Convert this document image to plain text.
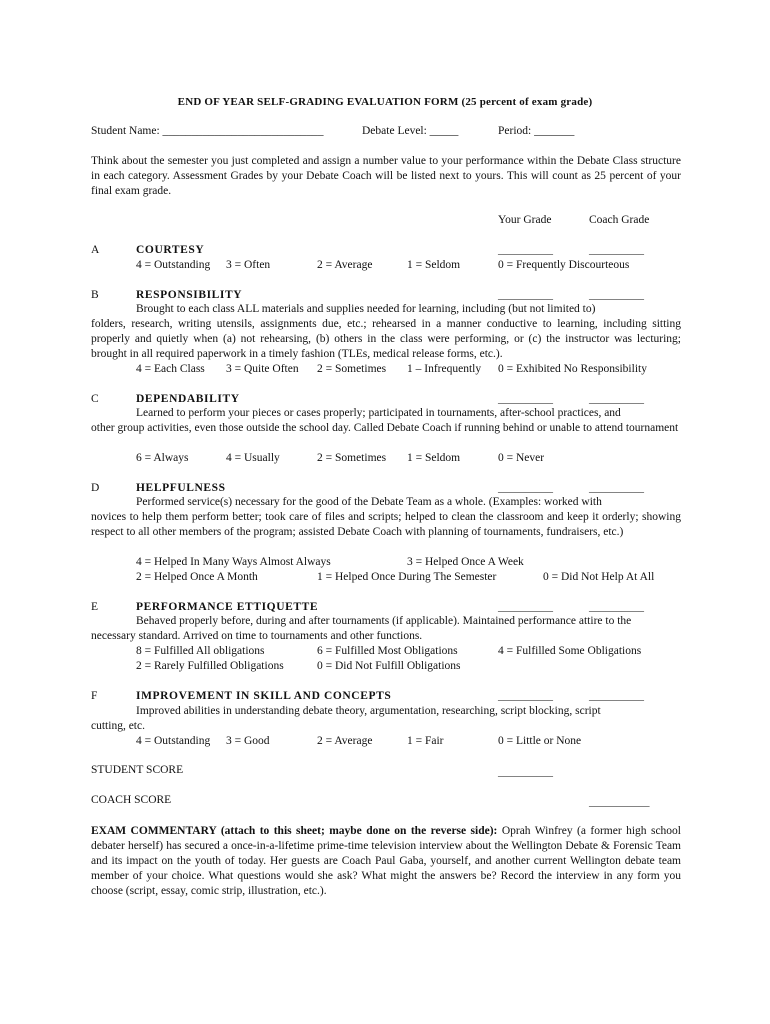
END OF YEAR SELF-GRADING EVALUATION FORM (25 percent of exam grade)
Student Name: ____________________________	Debate Level: _____	Period: _______
Think about the semester you just completed and assign a number value to your performance within the Debate Class structure in each category. Assessment Grades by your Debate Coach will be listed next to yours. This will count as 25 percent of your final exam grade.
Your Grade	Coach Grade
A	COURTESY	__________	__________
4 = Outstanding 3 = Often	2 = Average	1 = Seldom	0 = Frequently Discourteous
B	RESPONSIBILITY	__________	__________
Brought to each class ALL materials and supplies needed for learning, including (but not limited to)
folders, research, writing utensils, assignments due, etc.; rehearsed in a manner conductive to learning, including sitting properly and quietly when (a) not rehearsing, (b) others in the class were performing, or (c) the instructor was lecturing; brought in all required paperwork in a timely fashion (TLEs, medical release forms, etc.).
4 = Each Class 3 = Quite Often 2 = Sometimes 1 – Infrequently 0 = Exhibited No Responsibility
C	DEPENDABILITY	__________	__________
Learned to perform your pieces or cases properly; participated in tournaments, after-school practices, and
other group activities, even those outside the school day. Called Debate Coach if running behind or unable to attend tournament
6 = Always	4 = Usually	2 = Sometimes 1 = Seldom	0 = Never
D	HELPFULNESS	__________	__________
Performed service(s) necessary for the good of the Debate Team as a whole. (Examples: worked with
novices to help them perform better; took care of files and scripts; helped to clean the classroom and keep it orderly; showing respect to all other members of the program; assisted Debate Coach with planning of tournaments, fundraisers, etc.)
4 = Helped In Many Ways Almost Always	3 = Helped Once A Week
2 = Helped Once A Month	1 = Helped Once During The Semester	0 = Did Not Help At All
E	PERFORMANCE ETTIQUETTE	__________	__________
Behaved properly before, during and after tournaments (if applicable). Maintained performance attire to the
necessary standard. Arrived on time to tournaments and other functions.
8 = Fulfilled All obligations	6 = Fulfilled Most Obligations	4 = Fulfilled Some Obligations
2 = Rarely Fulfilled Obligations	0 = Did Not Fulfill Obligations
F	IMPROVEMENT IN SKILL AND CONCEPTS	__________	__________
Improved abilities in understanding debate theory, argumentation, researching, script blocking, script
cutting, etc.
4 = Outstanding 3 = Good	2 = Average	1 = Fair	0 = Little or None
STUDENT SCORE	__________
COACH SCORE	___________
EXAM COMMENTARY (attach to this sheet; maybe done on the reverse side): Oprah Winfrey (a former high school debater herself) has secured a once-in-a-lifetime prime-time television interview about the Wellington Debate & Forensic Team and its impact on the youth of today. Her guests are Coach Paul Gaba, yourself, and another current Wellington debate team member of your choice. What questions would she ask? What might the answers be? Record the interview in any form you choose (script, essay, comic strip, illustration, etc.).
